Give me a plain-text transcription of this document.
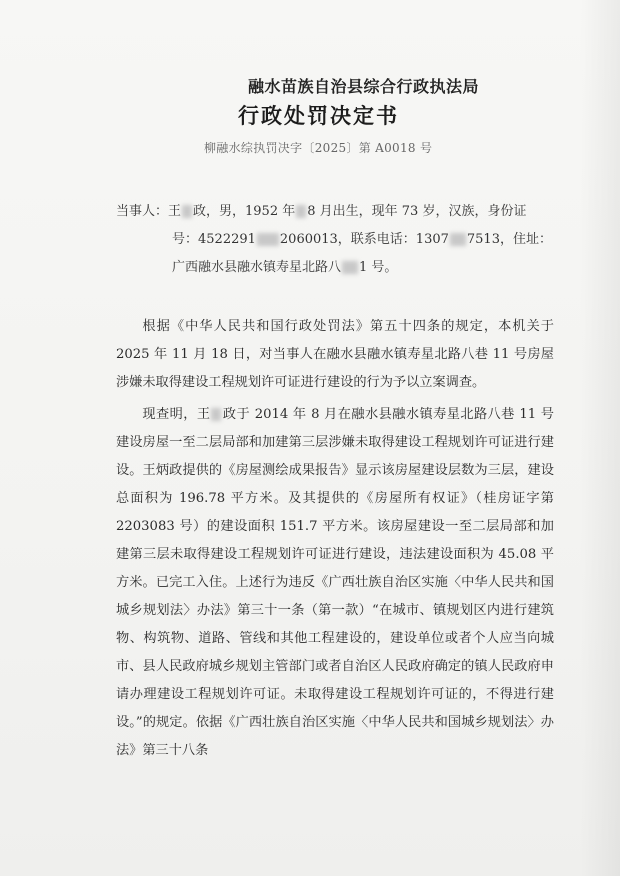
融水苗族自治县综合行政执法局
行政处罚决定书
柳融水综执罚决字〔2025〕第 A0018 号
当事人：王 政，男，1952 年 8 月出生，现年 73 岁，汉族，身份证
号：4522291 2060013，联系电话：1307 7513，住址：
广西融水县融水镇寿星北路八 1 号。

根据《中华人民共和国行政处罚法》第五十四条的规定，本机关于 2025 年 11 月 18 日，对当事人在融水县融水镇寿星北路八巷 11 号房屋涉嫌未取得建设工程规划许可证进行建设的行为予以立案调查。

现查明，王 政于 2014 年 8 月在融水县融水镇寿星北路八巷 11 号建设房屋一至二层局部和加建第三层涉嫌未取得建设工程规划许可证进行建设。王炳政提供的《房屋测绘成果报告》显示该房屋建设层数为三层，建设总面积为 196.78 平方米。及其提供的《房屋所有权证》（桂房证字第 2203083 号）的建设面积 151.7 平方米。该房屋建设一至二层局部和加建第三层未取得建设工程规划许可证进行建设，违法建设面积为 45.08 平方米。已完工入住。上述行为违反《广西壮族自治区实施〈中华人民共和国城乡规划法〉办法》第三十一条（第一款）“在城市、镇规划区内进行建筑物、构筑物、道路、管线和其他工程建设的，建设单位或者个人应当向城市、县人民政府城乡规划主管部门或者自治区人民政府确定的镇人民政府申请办理建设工程规划许可证。未取得建设工程规划许可证的，不得进行建设。”的规定。依据《广西壮族自治区实施〈中华人民共和国城乡规划法〉办法》第三十八条
